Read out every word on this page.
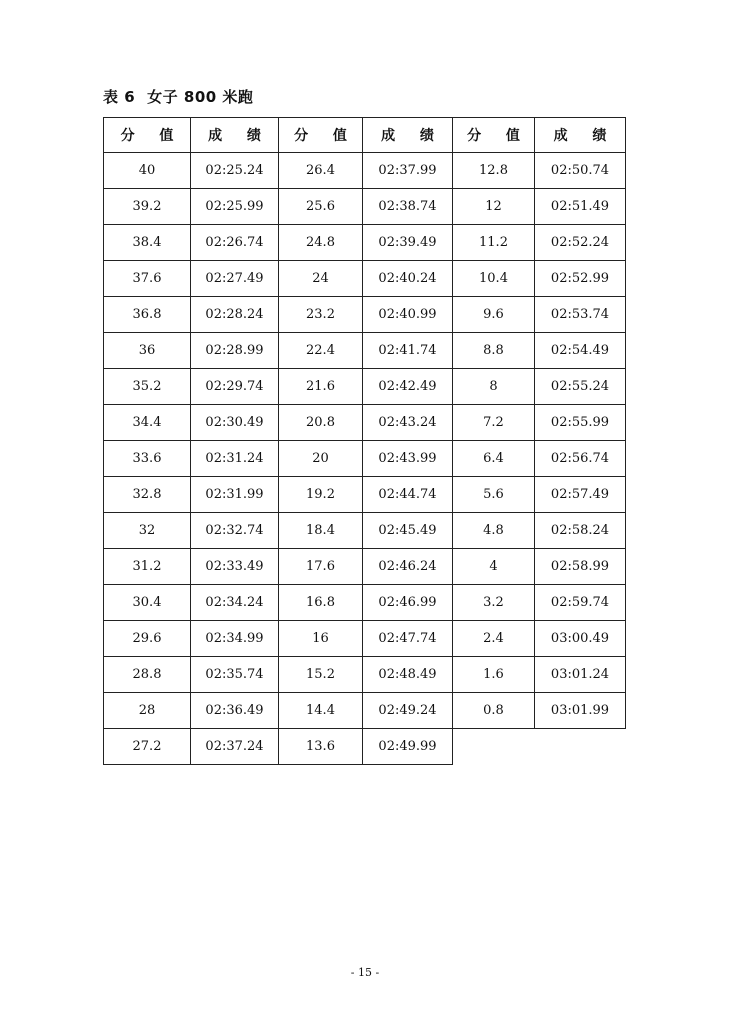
表 6 女子 800 米跑
分 值	成 绩	分 值	成 绩	分 值	成 绩
40	02:25.24	26.4	02:37.99	12.8	02:50.74
39.2	02:25.99	25.6	02:38.74	12	02:51.49
38.4	02:26.74	24.8	02:39.49	11.2	02:52.24
37.6	02:27.49	24	02:40.24	10.4	02:52.99
36.8	02:28.24	23.2	02:40.99	9.6	02:53.74
36	02:28.99	22.4	02:41.74	8.8	02:54.49
35.2	02:29.74	21.6	02:42.49	8	02:55.24
34.4	02:30.49	20.8	02:43.24	7.2	02:55.99
33.6	02:31.24	20	02:43.99	6.4	02:56.74
32.8	02:31.99	19.2	02:44.74	5.6	02:57.49
32	02:32.74	18.4	02:45.49	4.8	02:58.24
31.2	02:33.49	17.6	02:46.24	4	02:58.99
30.4	02:34.24	16.8	02:46.99	3.2	02:59.74
29.6	02:34.99	16	02:47.74	2.4	03:00.49
28.8	02:35.74	15.2	02:48.49	1.6	03:01.24
28	02:36.49	14.4	02:49.24	0.8	03:01.99
27.2	02:37.24	13.6	02:49.99
- 15 -
